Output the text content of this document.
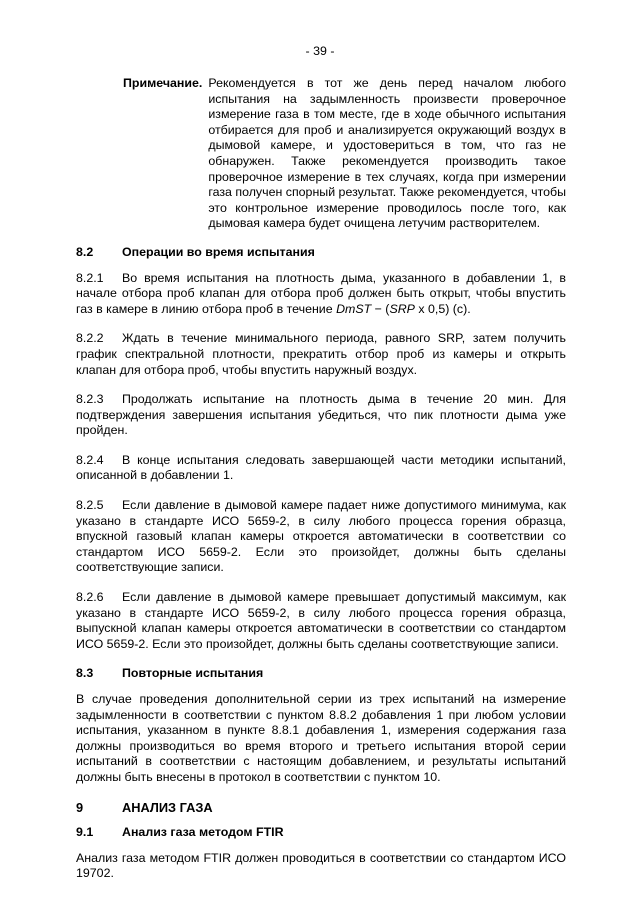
- 39 -
Примечание. Рекомендуется в тот же день перед началом любого испытания на задымленность произвести проверочное измерение газа в том месте, где в ходе обычного испытания отбирается для проб и анализируется окружающий воздух в дымовой камере, и удостовериться в том, что газ не обнаружен. Также рекомендуется производить такое проверочное измерение в тех случаях, когда при измерении газа получен спорный результат. Также рекомендуется, чтобы это контрольное измерение проводилось после того, как дымовая камера будет очищена летучим растворителем.
8.2	Операции во время испытания

8.2.1 Во время испытания на плотность дыма, указанного в добавлении 1, в начале отбора проб клапан для отбора проб должен быть открыт, чтобы впустить газ в камере в линию отбора проб в течение DmST − (SRP x 0,5) (с).

8.2.2 Ждать в течение минимального периода, равного SRP, затем получить график спектральной плотности, прекратить отбор проб из камеры и открыть клапан для отбора проб, чтобы впустить наружный воздух.

8.2.3 Продолжать испытание на плотность дыма в течение 20 мин. Для подтверждения завершения испытания убедиться, что пик плотности дыма уже пройден.

8.2.4 В конце испытания следовать завершающей части методики испытаний, описанной в добавлении 1.

8.2.5 Если давление в дымовой камере падает ниже допустимого минимума, как указано в стандарте ИСО 5659-2, в силу любого процесса горения образца, впускной газовый клапан камеры откроется автоматически в соответствии со стандартом ИСО 5659-2. Если это произойдет, должны быть сделаны соответствующие записи.

8.2.6 Если давление в дымовой камере превышает допустимый максимум, как указано в стандарте ИСО 5659-2, в силу любого процесса горения образца, выпускной клапан камеры откроется автоматически в соответствии со стандартом ИСО 5659-2. Если это произойдет, должны быть сделаны соответствующие записи.

8.3	Повторные испытания

В случае проведения дополнительной серии из трех испытаний на измерение задымленности в соответствии с пунктом 8.8.2 добавления 1 при любом условии испытания, указанном в пункте 8.8.1 добавления 1, измерения содержания газа должны производиться во время второго и третьего испытания второй серии испытаний в соответствии с настоящим добавлением, и результаты испытаний должны быть внесены в протокол в соответствии с пунктом 10.

9	АНАЛИЗ ГАЗА
9.1	Анализ газа методом FTIR

Анализ газа методом FTIR должен проводиться в соответствии со стандартом ИСО 19702.
